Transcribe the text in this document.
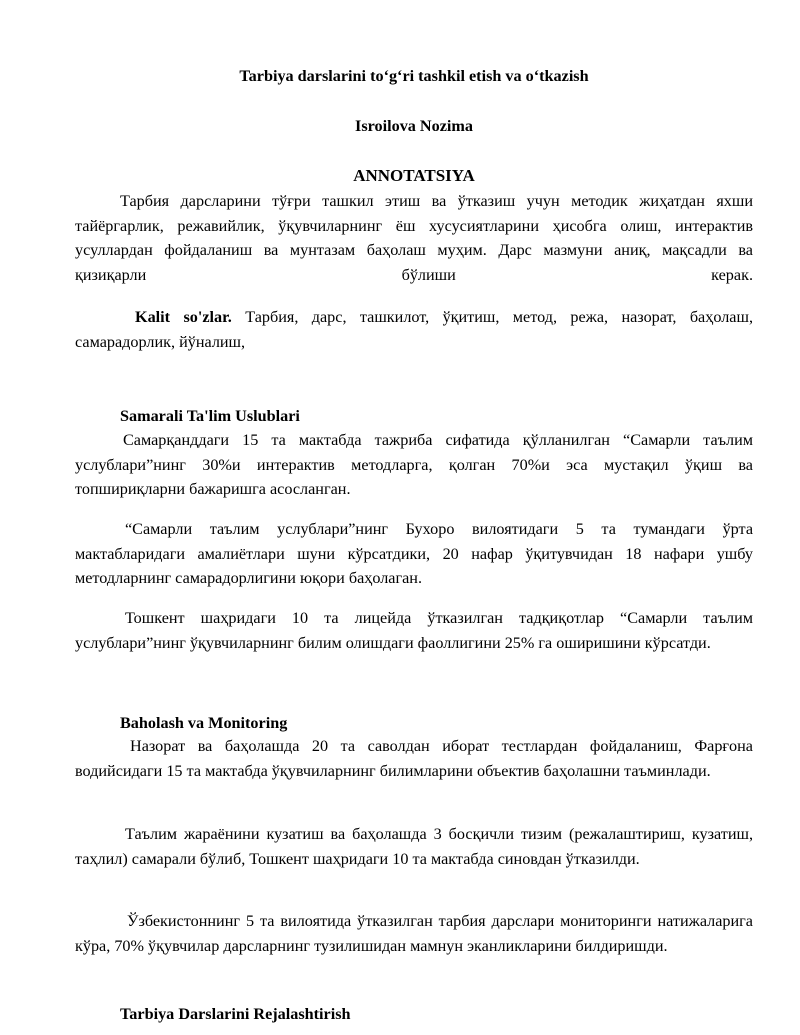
Tarbiya darslarini to‘g‘ri tashkil etish va o‘tkazish

Isroilova Nozima

ANNOTATSIYA

Тарбия дарсларини тўғри ташкил этиш ва ўтказиш учун методик жиҳатдан яхши тайёргарлик, режавийлик, ўқувчиларнинг ёш хусусиятларини ҳисобга олиш, интерактив усуллардан фойдаланиш ва мунтазам баҳолаш муҳим. Дарс мазмуни аниқ, мақсадли ва қизиқарли бўлиши керак.

Kalit so'zlar. Тарбия, дарс, ташкилот, ўқитиш, метод, режа, назорат, баҳолаш, самарадорлик, йўналиш,

Samarali Ta'lim Uslublari

Самарқанддаги 15 та мактабда тажриба сифатида қўлланилган “Самарли таълим услублари”нинг 30%и интерактив методларга, қолган 70%и эса мустақил ўқиш ва топшириқларни бажаришга асосланган.

“Самарли таълим услублари”нинг Бухоро вилоятидаги 5 та тумандаги ўрта мактабларидаги амалиётлари шуни кўрсатдики, 20 нафар ўқитувчидан 18 нафари ушбу методларнинг самарадорлигини юқори баҳолаган.

Тошкент шаҳридаги 10 та лицейда ўтказилган тадқиқотлар “Самарли таълим услублари”нинг ўқувчиларнинг билим олишдаги фаоллигини 25% га оширишини кўрсатди.

Baholash va Monitoring

Назорат ва баҳолашда 20 та саволдан иборат тестлардан фойдаланиш, Фарғона водийсидаги 15 та мактабда ўқувчиларнинг билимларини объектив баҳолашни таъминлади.

Таълим жараёнини кузатиш ва баҳолашда 3 босқичли тизим (режалаштириш, кузатиш, таҳлил) самарали бўлиб, Тошкент шаҳридаги 10 та мактабда синовдан ўтказилди.

Ўзбекистоннинг 5 та вилоятида ўтказилган тарбия дарслари мониторинги натижаларига кўра, 70% ўқувчилар дарсларнинг тузилишидан мамнун эканликларини билдиришди.

Tarbiya Darslarini Rejalashtirish
